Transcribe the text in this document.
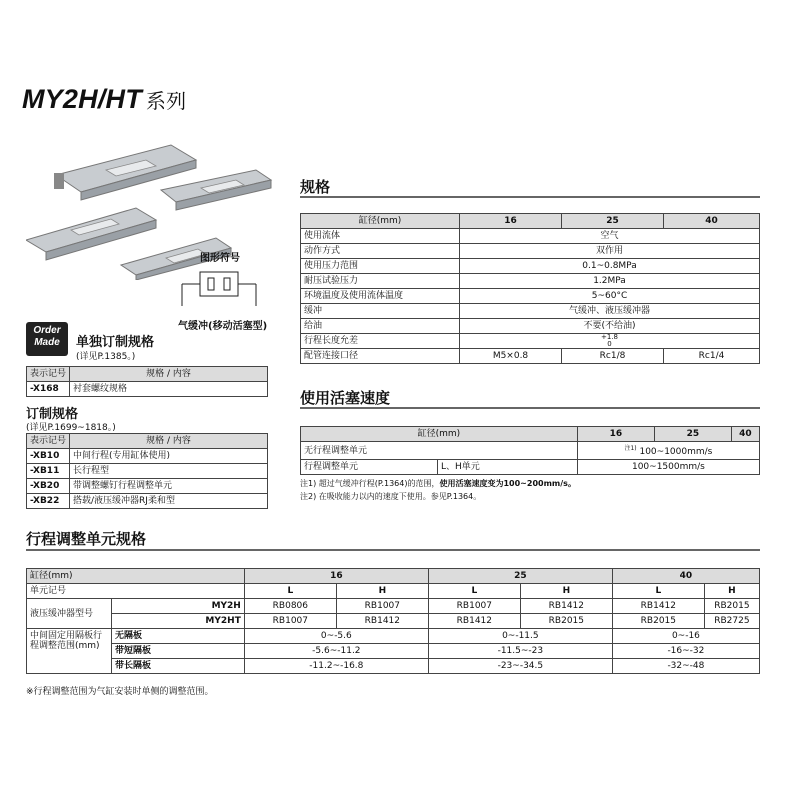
MY2H/HT 系列
图形符号
气缓冲(移动活塞型)
Order
Made	单独订制规格
(详见P.1385。)
表示记号	规格 / 内容
-X168	衬套螺纹规格
订制规格
(详见P.1699~1818。)
表示记号	规格 / 内容
-XB10	中间行程(专用缸体使用)
-XB11	长行程型
-XB20	带调整螺钉行程调整单元
-XB22	搭载/液压缓冲器RJ柔和型
规格
缸径(mm)	16	25	40
使用流体	空气		
动作方式	双作用		
使用压力范围	0.1~0.8MPa		
耐压试验压力	1.2MPa		
环境温度及使用流体温度	5~60°C		
缓冲	气缓冲、液压缓冲器		
给油	不要(不给油)		
行程长度允差	+1.8
0		

配管连接口径	M5×0.8	Rc1/8	Rc1/4
使用活塞速度
缸径(mm)		16	25	40
无行程调整单元		$^{注1)}$ 100~1000mm/s		
行程调整单元	L、H单元	100~1500mm/s		
注1) 超过气缓冲行程(P.1364)的范围，使用活塞速度变为100~200mm/s。
注2) 在吸收能力以内的速度下使用。参见P.1364。
行程调整单元规格
缸径(mm)		16		25		40	
单元记号		L	H	L	H	L	H
液压缓冲器型号	MY2H	RB0806	RB1007	RB1007	RB1412	RB1412	RB2015
	MY2HT	RB1007	RB1412	RB1412	RB2015	RB2015	RB2725
中间固定用隔板行程调整范围(mm)	无隔板	0~-5.6		0~-11.5		0~-16	
	带短隔板	-5.6~-11.2		-11.5~-23		-16~-32	
	带长隔板	-11.2~-16.8		-23~-34.5		-32~-48	
※行程调整范围为气缸安装时单侧的调整范围。
